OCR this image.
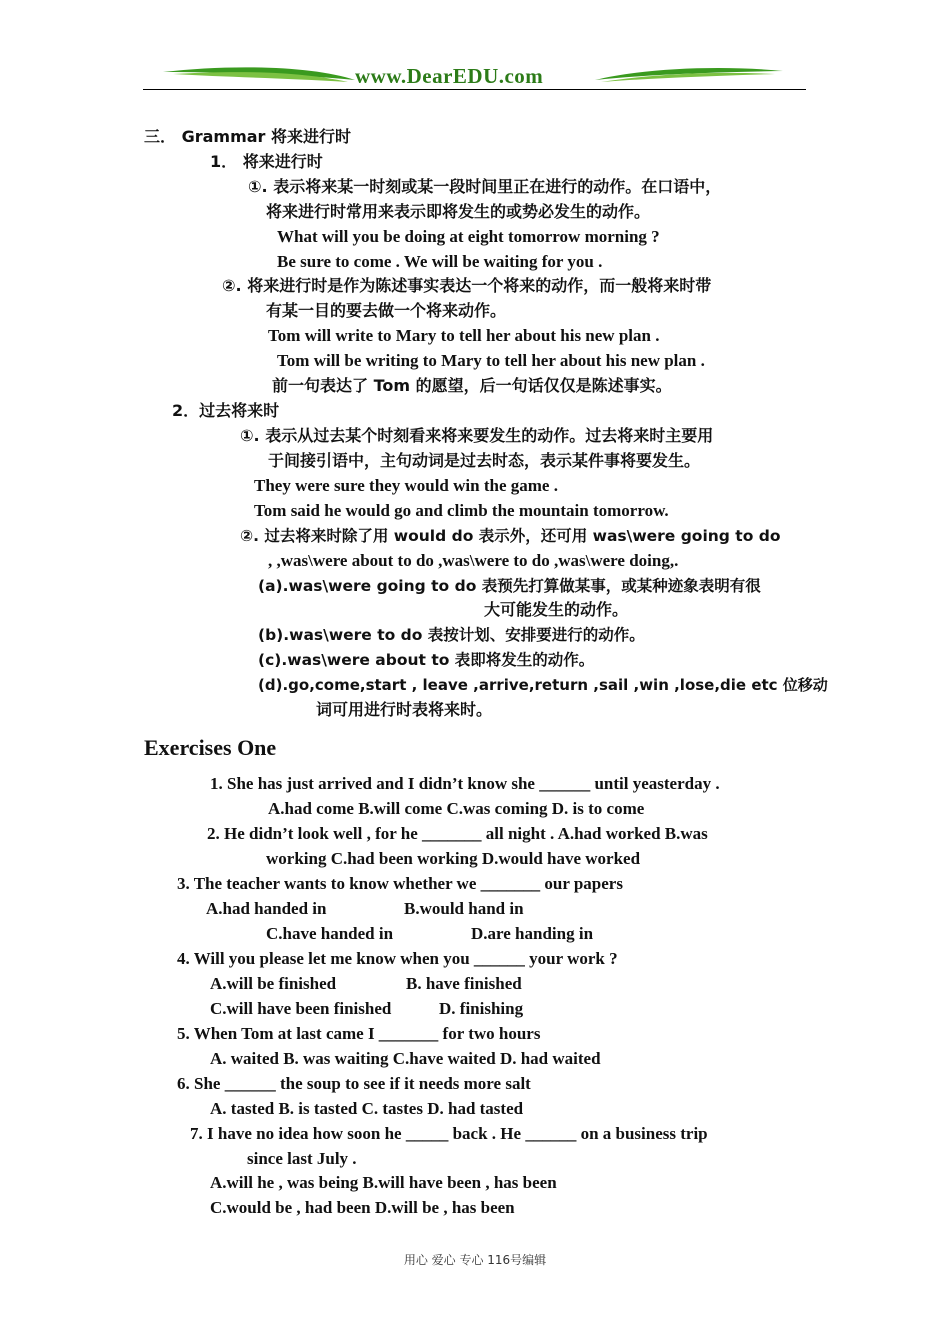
www.DearEDU.com
三． Grammar 将来进行时
1． 将来进行时
①. 表示将来某一时刻或某一段时间里正在进行的动作。在口语中，
将来进行时常用来表示即将发生的或势必发生的动作。
What will you be doing at eight tomorrow morning ?
Be sure to come . We will be waiting for you .
②. 将来进行时是作为陈述事实表达一个将来的动作，而一般将来时带
有某一目的要去做一个将来动作。
Tom will write to Mary to tell her about his new plan .
Tom will be writing to Mary to tell her about his new plan .
前一句表达了 Tom 的愿望，后一句话仅仅是陈述事实。
2．过去将来时
①. 表示从过去某个时刻看来将来要发生的动作。过去将来时主要用
于间接引语中，主句动词是过去时态，表示某件事将要发生。
They were sure they would win the game .
Tom said he would go and climb the mountain tomorrow.
②. 过去将来时除了用 would do 表示外，还可用 was\were going to do
, ,was\were about to do ,was\were to do ,was\were doing,.
(a).was\were going to do 表预先打算做某事，或某种迹象表明有很
大可能发生的动作。
(b).was\were to do 表按计划、安排要进行的动作。
(c).was\were about to 表即将发生的动作。
(d).go,come,start , leave ,arrive,return ,sail ,win ,lose,die etc 位移动
词可用进行时表将来时。
Exercises One
1. She has just arrived and I didn’t know she ______ until yeasterday .
A.had come B.will come C.was coming D. is to come
2. He didn’t look well , for he _______ all night . A.had worked B.was
working C.had been working D.would have worked
3. The teacher wants to know whether we _______ our papers
A.had handed in	B.would hand in
C.have handed in	D.are handing in
4. Will you please let me know when you ______ your work ?
A.will be finished	B. have finished
C.will have been finished	D. finishing
5. When Tom at last came I _______ for two hours
A. waited B. was waiting C.have waited D. had waited
6. She ______ the soup to see if it needs more salt
A. tasted B. is tasted C. tastes D. had tasted
7. I have no idea how soon he _____ back . He ______ on a business trip
since last July .
A.will he , was being B.will have been , has been
C.would be , had been D.will be , has been
用心 爱心 专心 116号编辑
